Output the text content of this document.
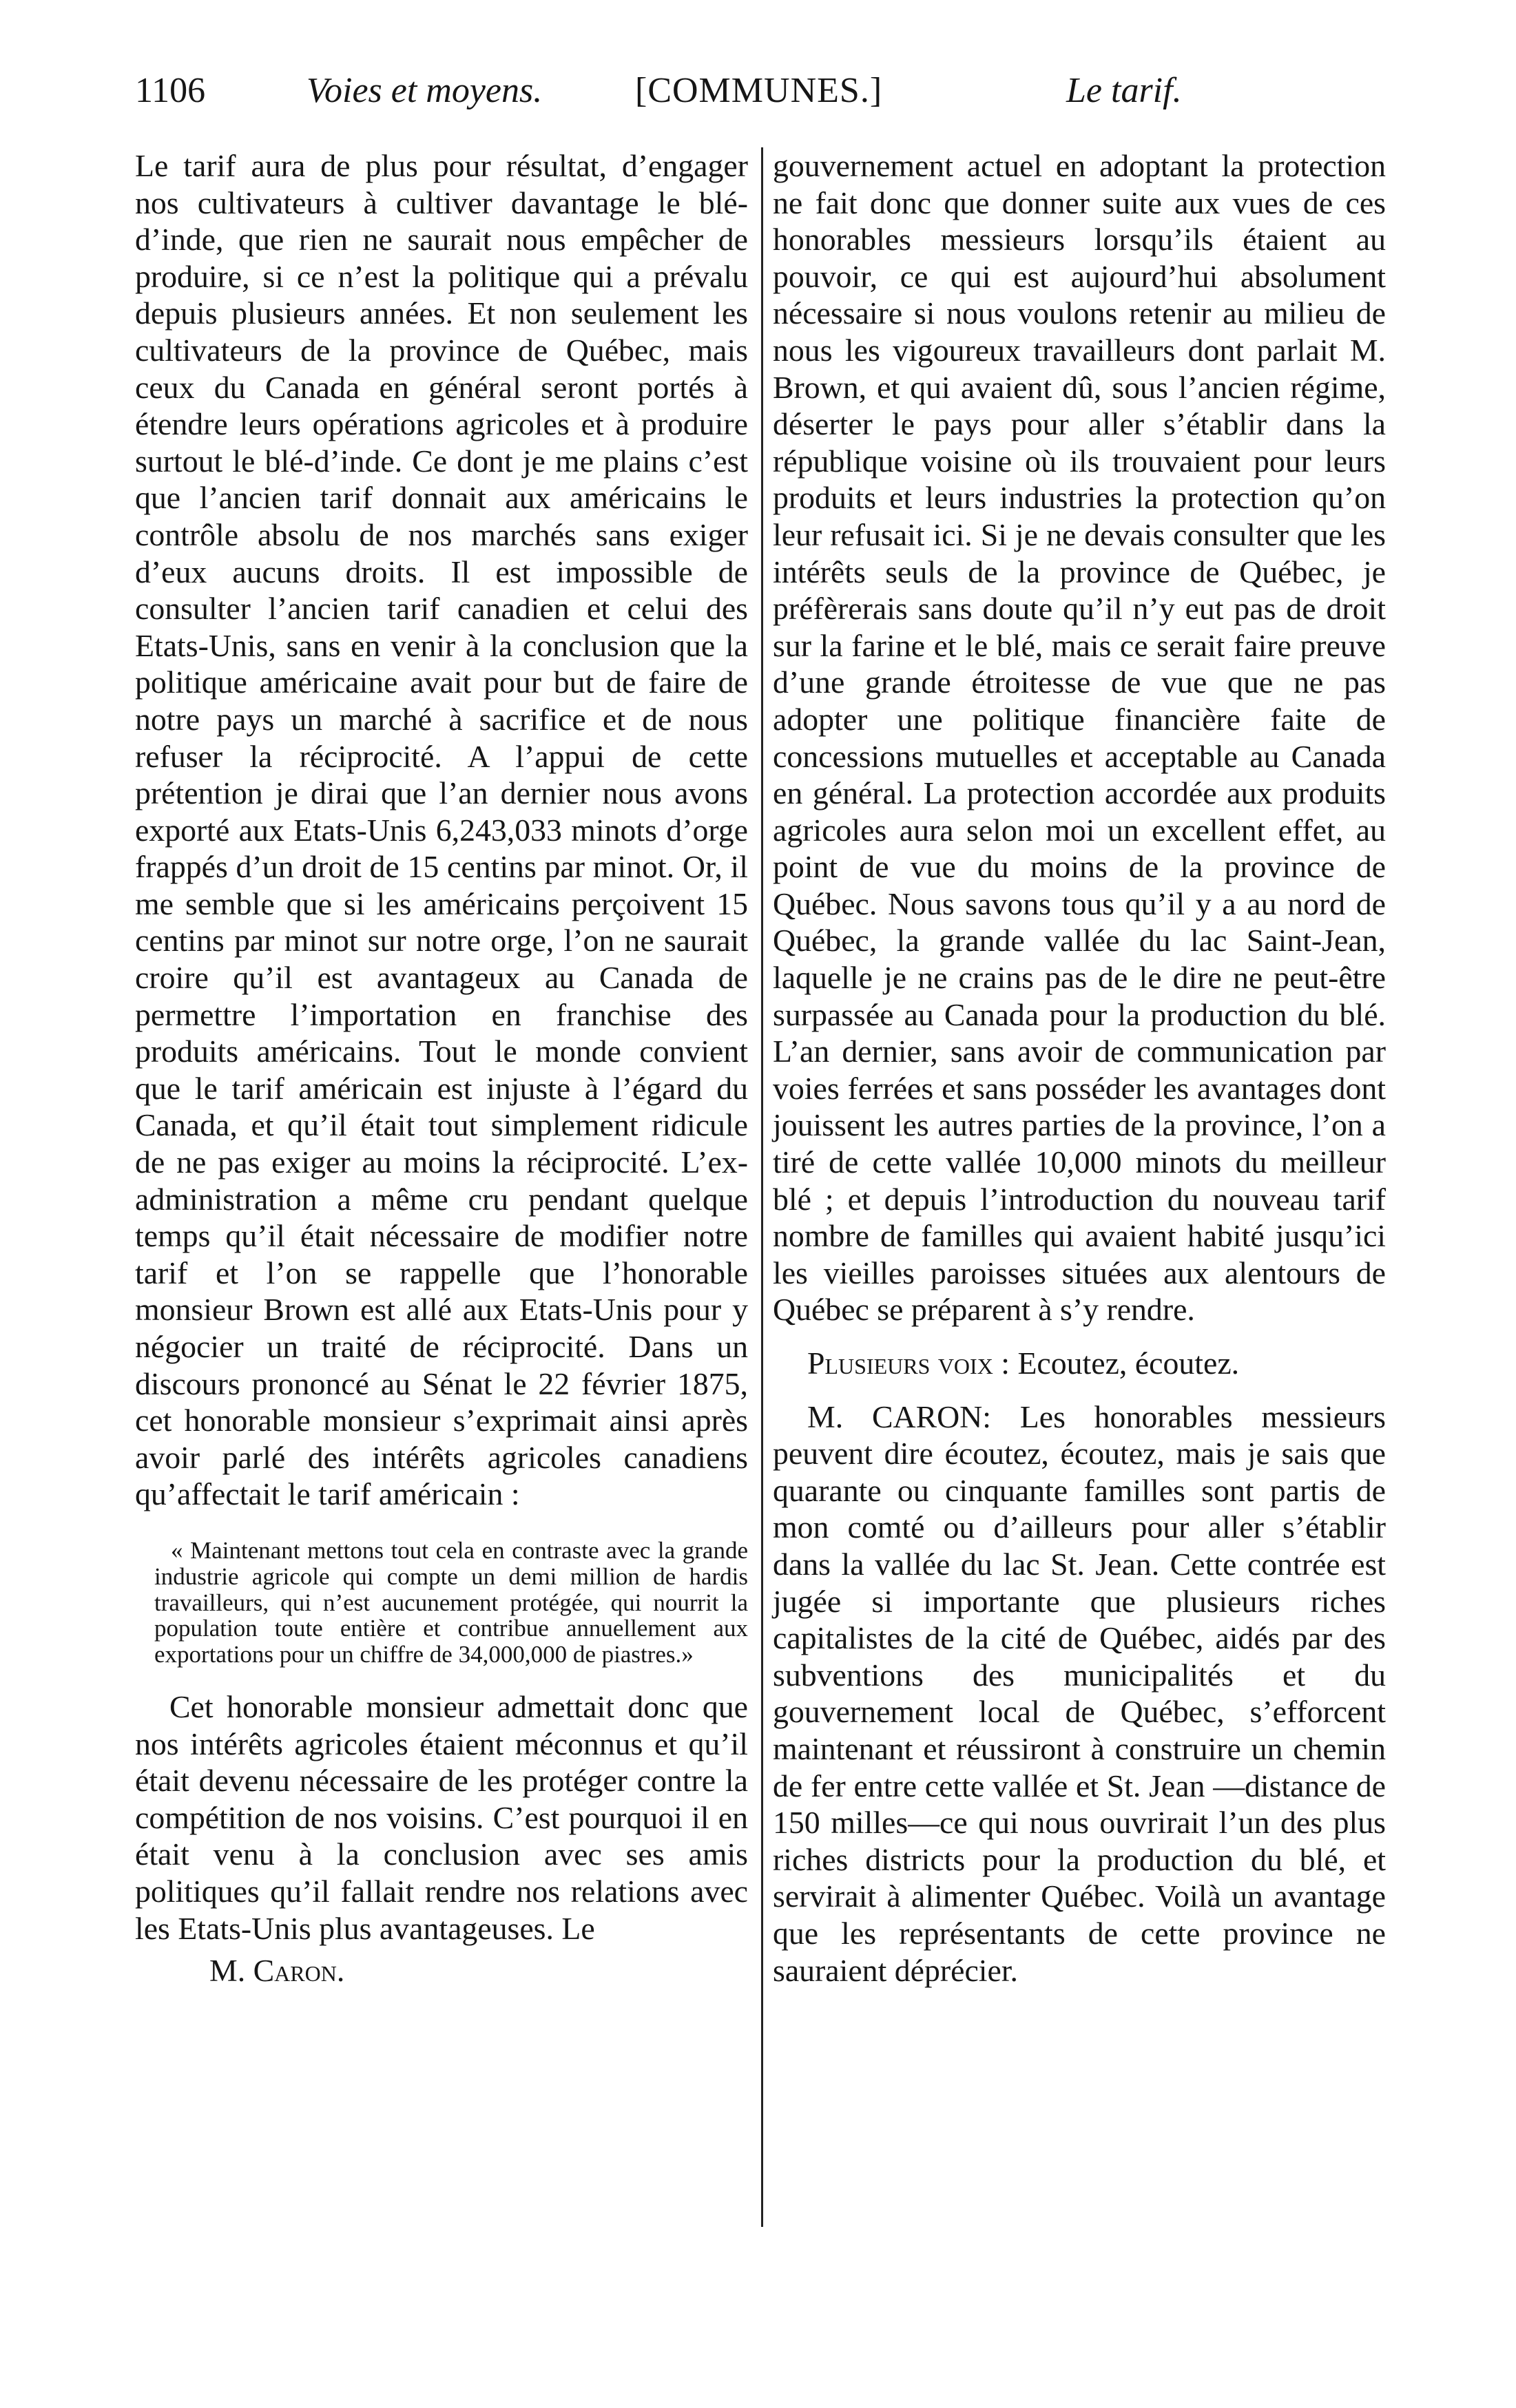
1106	Voies et moyens.	[COMMUNES.]	Le tarif.

Le tarif aura de plus pour résultat, d’engager nos cultivateurs à cultiver davantage le blé-d’inde, que rien ne saurait nous empêcher de produire, si ce n’est la politique qui a prévalu depuis plusieurs années. Et non seulement les cultivateurs de la province de Québec, mais ceux du Canada en général seront portés à étendre leurs opérations agricoles et à produire surtout le blé-d’inde. Ce dont je me plains c’est que l’ancien tarif donnait aux américains le contrôle absolu de nos marchés sans exiger d’eux aucuns droits. Il est impossible de consulter l’ancien tarif canadien et celui des Etats-Unis, sans en venir à la conclusion que la politique américaine avait pour but de faire de notre pays un marché à sacrifice et de nous refuser la réciprocité. A l’appui de cette prétention je dirai que l’an dernier nous avons exporté aux Etats-Unis 6,243,033 minots d’orge frappés d’un droit de 15 centins par minot. Or, il me semble que si les américains perçoivent 15 centins par minot sur notre orge, l’on ne saurait croire qu’il est avantageux au Canada de permettre l’importation en franchise des produits américains. Tout le monde convient que le tarif américain est injuste à l’égard du Canada, et qu’il était tout simplement ridicule de ne pas exiger au moins la réciprocité. L’ex-administration a même cru pendant quelque temps qu’il était nécessaire de modifier notre tarif et l’on se rappelle que l’honorable monsieur Brown est allé aux Etats-Unis pour y négocier un traité de réciprocité. Dans un discours prononcé au Sénat le 22 février 1875, cet honorable monsieur s’exprimait ainsi après avoir parlé des intérêts agricoles canadiens qu’affectait le tarif américain :

« Maintenant mettons tout cela en contraste avec la grande industrie agricole qui compte un demi million de hardis travailleurs, qui n’est aucunement protégée, qui nourrit la population toute entière et contribue annuellement aux exportations pour un chiffre de 34,000,000 de piastres.»

Cet honorable monsieur admettait donc que nos intérêts agricoles étaient méconnus et qu’il était devenu nécessaire de les protéger contre la compétition de nos voisins. C’est pourquoi il en était venu à la conclusion avec ses amis politiques qu’il fallait rendre nos relations avec les Etats-Unis plus avantageuses. Le

M. Caron.

gouvernement actuel en adoptant la protection ne fait donc que donner suite aux vues de ces honorables messieurs lorsqu’ils étaient au pouvoir, ce qui est aujourd’hui absolument nécessaire si nous voulons retenir au milieu de nous les vigoureux travailleurs dont parlait M. Brown, et qui avaient dû, sous l’ancien régime, déserter le pays pour aller s’établir dans la république voisine où ils trouvaient pour leurs produits et leurs industries la protection qu’on leur refusait ici. Si je ne devais consulter que les intérêts seuls de la province de Québec, je préfèrerais sans doute qu’il n’y eut pas de droit sur la farine et le blé, mais ce serait faire preuve d’une grande étroitesse de vue que ne pas adopter une politique financière faite de concessions mutuelles et acceptable au Canada en général. La protection accordée aux produits agricoles aura selon moi un excellent effet, au point de vue du moins de la province de Québec. Nous savons tous qu’il y a au nord de Québec, la grande vallée du lac Saint-Jean, laquelle je ne crains pas de le dire ne peut-être surpassée au Canada pour la production du blé. L’an dernier, sans avoir de communication par voies ferrées et sans posséder les avantages dont jouissent les autres parties de la province, l’on a tiré de cette vallée 10,000 minots du meilleur blé ; et depuis l’introduction du nouveau tarif nombre de familles qui avaient habité jusqu’ici les vieilles paroisses situées aux alentours de Québec se préparent à s’y rendre.

Plusieurs voix : Ecoutez, écoutez.

M. CARON: Les honorables messieurs peuvent dire écoutez, écoutez, mais je sais que quarante ou cinquante familles sont partis de mon comté ou d’ailleurs pour aller s’établir dans la vallée du lac St. Jean. Cette contrée est jugée si importante que plusieurs riches capitalistes de la cité de Québec, aidés par des subventions des municipalités et du gouvernement local de Québec, s’efforcent maintenant et réussiront à construire un chemin de fer entre cette vallée et St. Jean —distance de 150 milles—ce qui nous ouvrirait l’un des plus riches districts pour la production du blé, et servirait à alimenter Québec. Voilà un avantage que les représentants de cette province ne sauraient déprécier.
